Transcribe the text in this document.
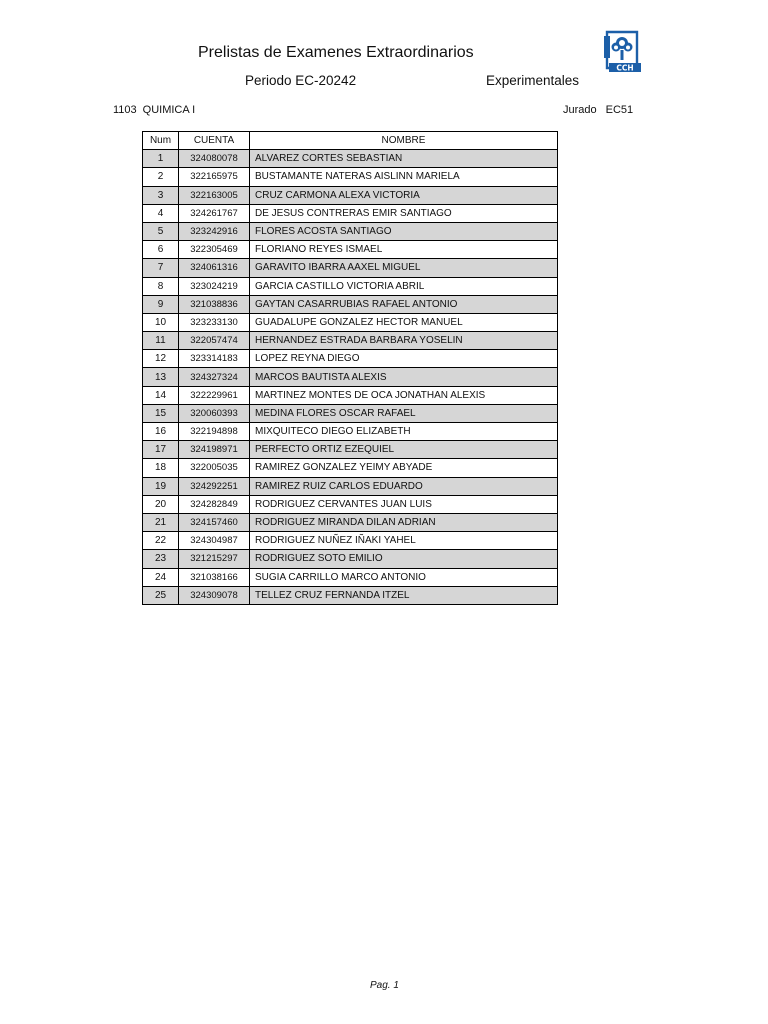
Prelistas de Examenes Extraordinarios
Periodo EC-20242	Experimentales
CCH
1103 QUIMICA I	Jurado EC51
Num	CUENTA	NOMBRE
1	324080078	ALVAREZ CORTES SEBASTIAN
2	322165975	BUSTAMANTE NATERAS AISLINN MARIELA
3	322163005	CRUZ CARMONA ALEXA VICTORIA
4	324261767	DE JESUS CONTRERAS EMIR SANTIAGO
5	323242916	FLORES ACOSTA SANTIAGO
6	322305469	FLORIANO REYES ISMAEL
7	324061316	GARAVITO IBARRA AAXEL MIGUEL
8	323024219	GARCIA CASTILLO VICTORIA ABRIL
9	321038836	GAYTAN CASARRUBIAS RAFAEL ANTONIO
10	323233130	GUADALUPE GONZALEZ HECTOR MANUEL
11	322057474	HERNANDEZ ESTRADA BARBARA YOSELIN
12	323314183	LOPEZ REYNA DIEGO
13	324327324	MARCOS BAUTISTA ALEXIS
14	322229961	MARTINEZ MONTES DE OCA JONATHAN ALEXIS
15	320060393	MEDINA FLORES OSCAR RAFAEL
16	322194898	MIXQUITECO DIEGO ELIZABETH
17	324198971	PERFECTO ORTIZ EZEQUIEL
18	322005035	RAMIREZ GONZALEZ YEIMY ABYADE
19	324292251	RAMIREZ RUIZ CARLOS EDUARDO
20	324282849	RODRIGUEZ CERVANTES JUAN LUIS
21	324157460	RODRIGUEZ MIRANDA DILAN ADRIAN
22	324304987	RODRIGUEZ NUÑEZ IÑAKI YAHEL
23	321215297	RODRIGUEZ SOTO EMILIO
24	321038166	SUGIA CARRILLO MARCO ANTONIO
25	324309078	TELLEZ CRUZ FERNANDA ITZEL
Pag. 1
